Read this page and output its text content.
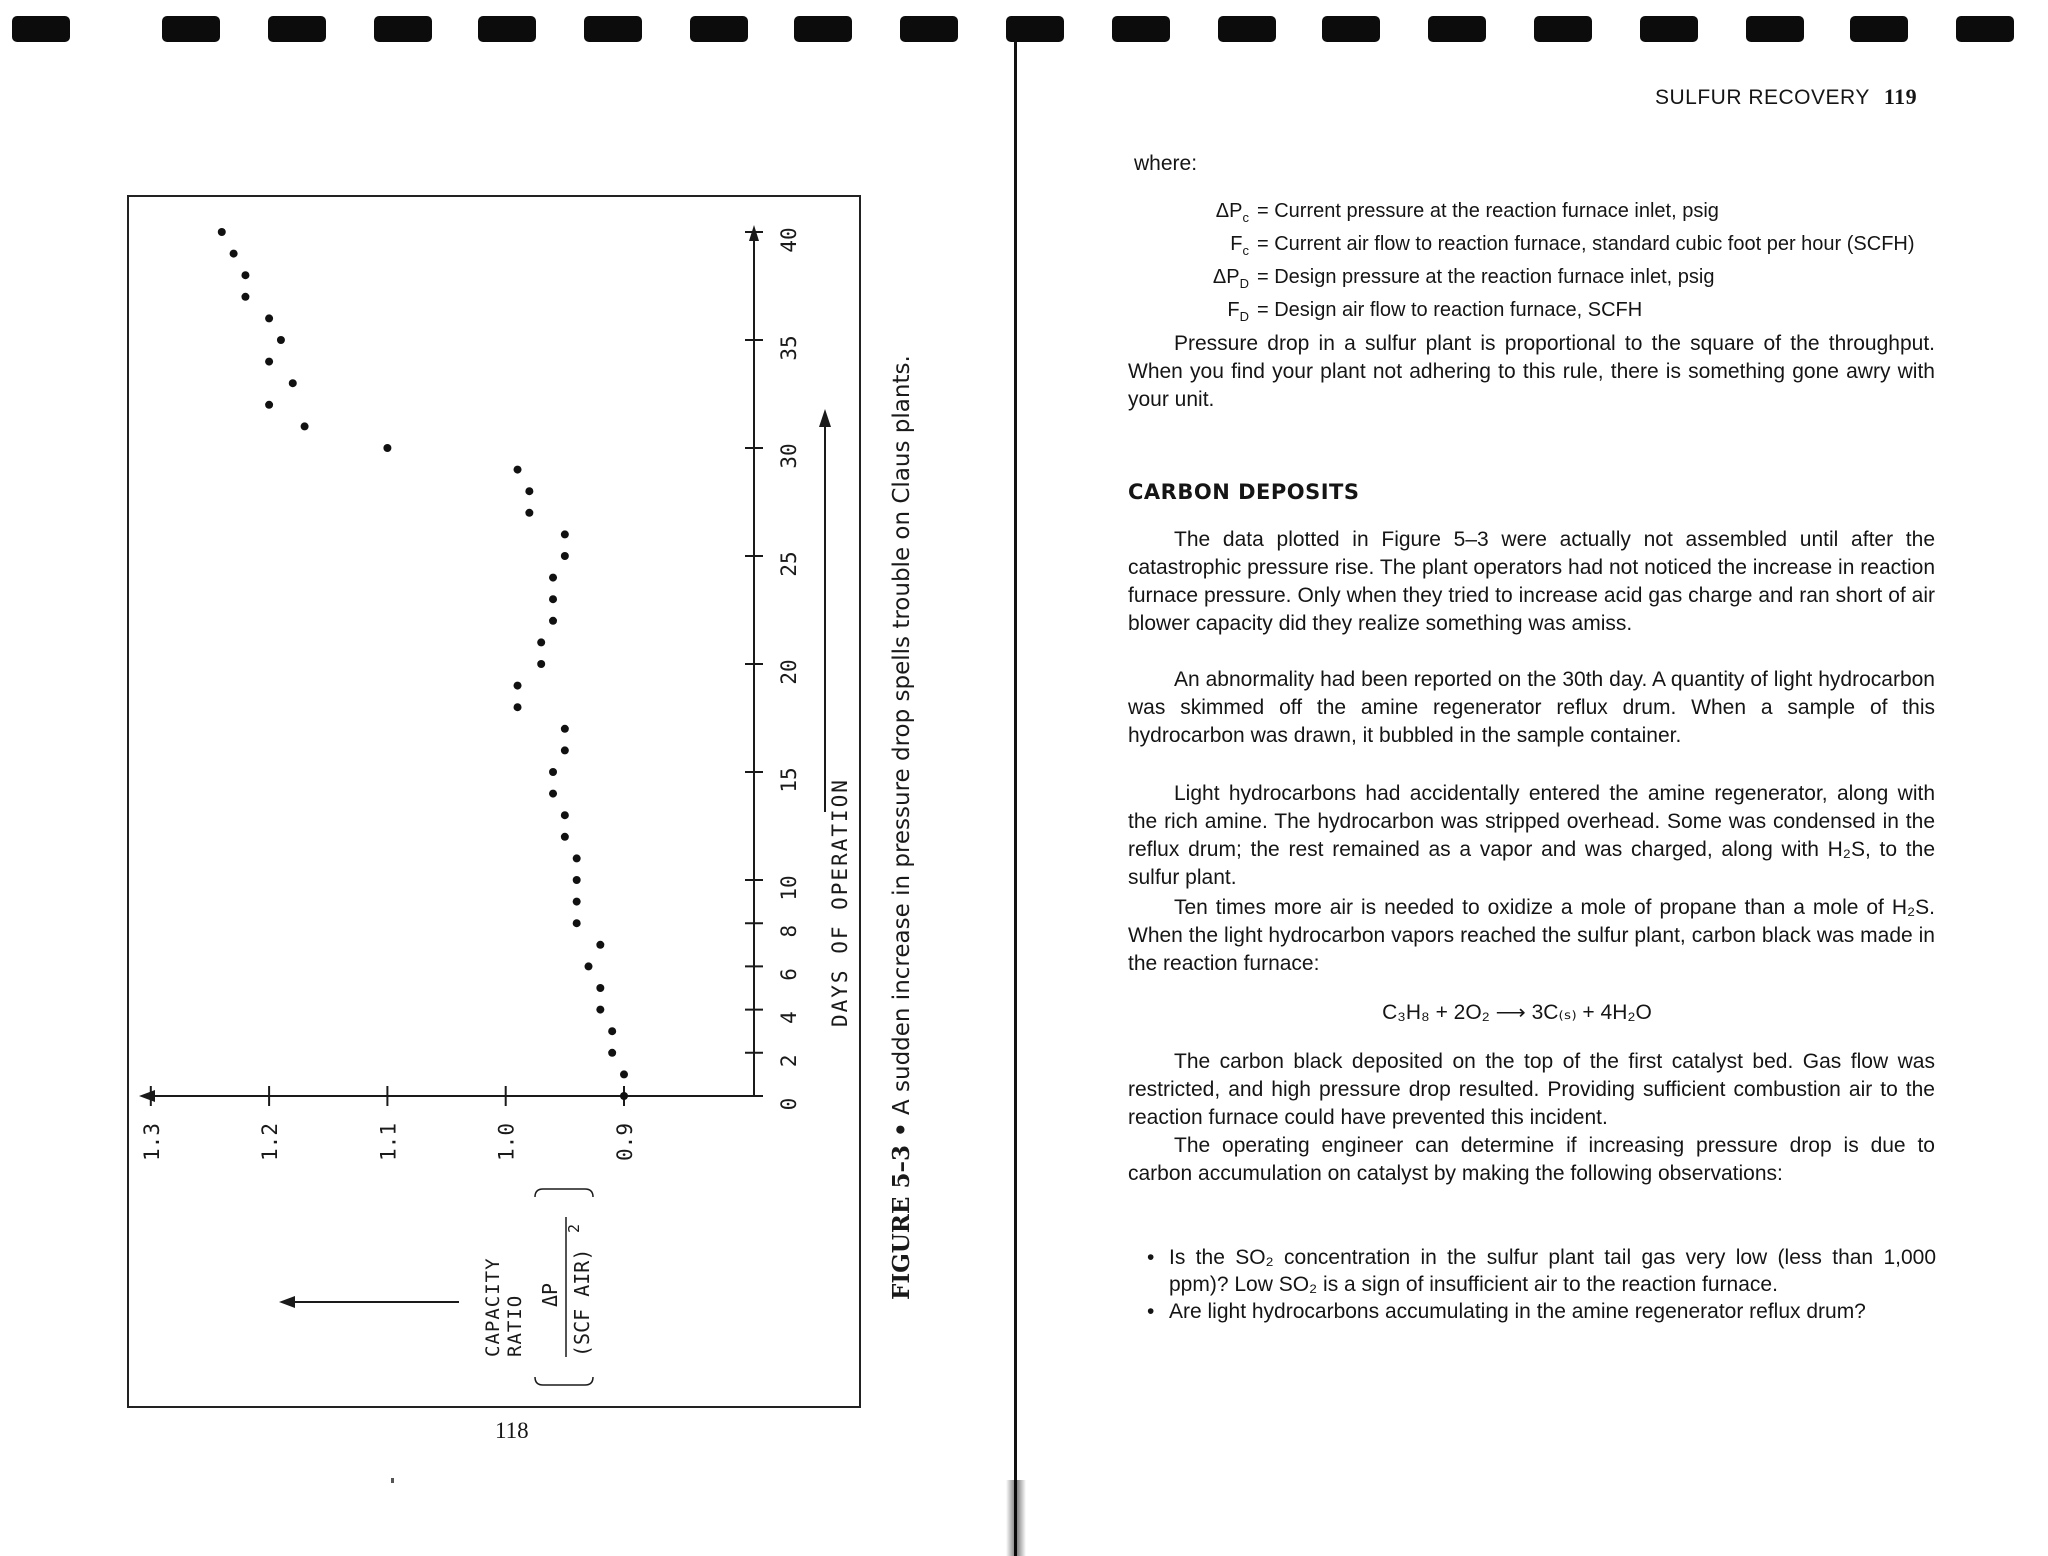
0
2
4
6
8
10
15
20
25
30
35
40
0.9
1.0
1.1
1.2
1.3
DAYS OF OPERATION
CAPACITY RATIO ΔP (SCF AIR)
2	FIGURE 5–3 • A sudden increase in pressure drop spells trouble on Claus plants.
118
SULFUR RECOVERY 119
where:
$\Delta P_c$ = Current pressure at the reaction furnace inlet, psig
$F_c$ = Current air flow to reaction furnace, standard cubic foot per hour (SCFH)
$\Delta P_D$ = Design pressure at the reaction furnace inlet, psig
$F_D$ = Design air flow to reaction furnace, SCFH
Pressure drop in a sulfur plant is proportional to the square of the throughput. When you find your plant not adhering to this rule, there is something gone awry with your unit.
CARBON DEPOSITS
The data plotted in Figure 5–3 were actually not assembled until after the catastrophic pressure rise. The plant operators had not noticed the increase in reaction furnace pressure. Only when they tried to increase acid gas charge and ran short of air blower capacity did they realize something was amiss.
An abnormality had been reported on the 30th day. A quantity of light hydrocarbon was skimmed off the amine regenerator reflux drum. When a sample of this hydrocarbon was drawn, it bubbled in the sample container.
Light hydrocarbons had accidentally entered the amine regenerator, along with the rich amine. The hydrocarbon was stripped overhead. Some was condensed in the reflux drum; the rest remained as a vapor and was charged, along with H₂S, to the sulfur plant.
Ten times more air is needed to oxidize a mole of propane than a mole of H₂S. When the light hydrocarbon vapors reached the sulfur plant, carbon black was made in the reaction furnace:
C₃H₈ + 2O₂ ⟶ 3C₍ₛ₎ + 4H₂O
The carbon black deposited on the top of the first catalyst bed. Gas flow was restricted, and high pressure drop resulted. Providing sufficient combustion air to the reaction furnace could have prevented this incident.
The operating engineer can determine if increasing pressure drop is due to carbon accumulation on catalyst by making the following observations:
• Is the SO₂ concentration in the sulfur plant tail gas very low (less than 1,000 ppm)? Low SO₂ is a sign of insufficient air to the reaction furnace.
• Are light hydrocarbons accumulating in the amine regenerator reflux drum?
